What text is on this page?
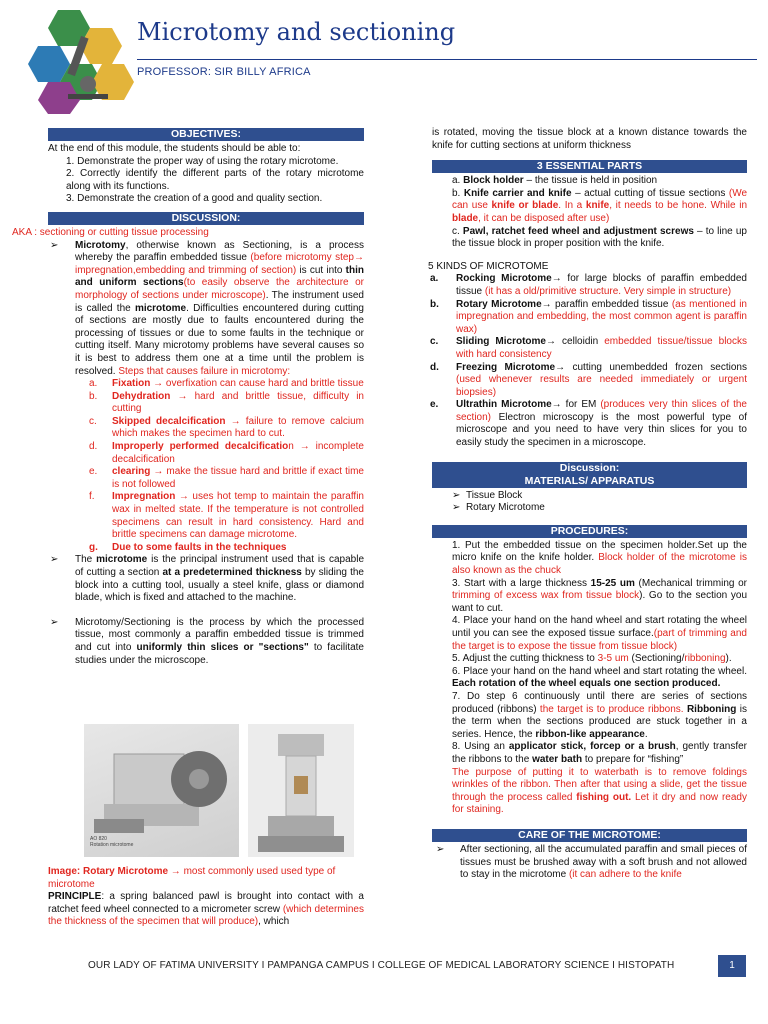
Microtomy and sectioning
PROFESSOR: SIR BILLY AFRICA
OBJECTIVES:

At the end of this module, the students should be able to:

1. Demonstrate the proper way of using the rotary microtome.

2. Correctly identify the different parts of the rotary microtome along with its functions.

3. Demonstrate the creation of a good and quality section.

DISCUSSION:

AKA : sectioning or cutting tissue processing

➢ Microtomy, otherwise known as Sectioning, is a process whereby the paraffin embedded tissue (before microtomy step→ impregnation,embedding and trimming of section) is cut into thin and uniform sections(to easily observe the architecture or morphology of sections under microscope). The instrument used is called the microtome. Difficulties encountered during cutting of sections are mostly due to faults encountered during the processing of tissues or due to some faults in the technique or cutting itself. Many microtomy problems have several causes so it is best to address them one at a time until the problem is resolved. Steps that causes failure in microtomy:
a. Fixation → overfixation can cause hard and brittle tissue
b. Dehydration → hard and brittle tissue, difficulty in cutting
c. Skipped decalcification → failure to remove calcium which makes the specimen hard to cut.
d. Improperly performed decalcification → incomplete decalcification
e. clearing → make the tissue hard and brittle if exact time is not followed
f. Impregnation → uses hot temp to maintain the paraffin wax in melted state. If the temperature is not controlled specimens can result in hard consistency. Hard and brittle specimens can damage microtome.
g. Due to some faults in the techniques
➢ The microtome is the principal instrument used that is capable of cutting a section at a predetermined thickness by sliding the block into a cutting tool, usually a steel knife, glass or diamond blade, which is fixed and attached to the machine.
➢ Microtomy/Sectioning is the process by which the processed tissue, most commonly a paraffin embedded tissue is trimmed and cut into uniformly thin slices or "sections" to facilitate studies under the microscope.
AO 820
Rotation microtome

Image: Rotary Microtome → most commonly used used type of microtome

PRINCIPLE: a spring balanced pawl is brought into contact with a ratchet feed wheel connected to a micrometer screw (which determines the thickness of the specimen that will produce), which

is rotated, moving the tissue block at a known distance towards the knife for cutting sections at uniform thickness

3 ESSENTIAL PARTS

a. Block holder – the tissue is held in position

b. Knife carrier and knife – actual cutting of tissue sections (We can use knife or blade. In a knife, it needs to be hone. While in blade, it can be disposed after use)

c. Pawl, ratchet feed wheel and adjustment screws – to line up the tissue block in proper position with the knife.

5 KINDS OF MICROTOME

a. Rocking Microtome→ for large blocks of paraffin embedded tissue (it has a old/primitive structure. Very simple in structure)
b. Rotary Microtome→ paraffin embedded tissue (as mentioned in impregnation and embedding, the most common agent is paraffin wax)
c. Sliding Microtome→ celloidin embedded tissue/tissue blocks with hard consistency
d. Freezing Microtome→ cutting unembedded frozen sections (used whenever results are needed immediately or urgent biopsies)
e. Ultrathin Microtome→ for EM (produces very thin slices of the section) Electron microscopy is the most powerful type of microscope and you need to have very thin slices for you to easily study the specimen in a microscope.
Discussion:
MATERIALS/ APPARATUS

➢ Tissue Block

➢ Rotary Microtome

PROCEDURES:

1. Put the embedded tissue on the specimen holder.Set up the micro knife on the knife holder. Block holder of the microtome is also known as the chuck

3. Start with a large thickness 15-25 um (Mechanical trimming or trimming of excess wax from tissue block). Go to the section you want to cut.

4. Place your hand on the hand wheel and start rotating the wheel until you can see the exposed tissue surface.(part of trimming and the target is to expose the tissue from tissue block)

5. Adjust the cutting thickness to 3-5 um (Sectioning/ribboning).

6. Place your hand on the hand wheel and start rotating the wheel. Each rotation of the wheel equals one section produced.

7. Do step 6 continuously until there are series of sections produced (ribbons) the target is to produce ribbons. Ribboning is the term when the sections produced are stuck together in a series. Hence, the ribbon-like appearance.

8. Using an applicator stick, forcep or a brush, gently transfer the ribbons to the water bath to prepare for “fishing”

The purpose of putting it to waterbath is to remove foldings wrinkles of the ribbon. Then after that using a slide, get the tissue through the process called fishing out. Let it dry and now ready for staining.

CARE OF THE MICROTOME:
➢ After sectioning, all the accumulated paraffin and small pieces of tissues must be brushed away with a soft brush and not allowed to stay in the microtome (it can adhere to the knife
OUR LADY OF FATIMA UNIVERSITY I PAMPANGA CAMPUS I COLLEGE OF MEDICAL LABORATORY SCIENCE I HISTOPATH	1
